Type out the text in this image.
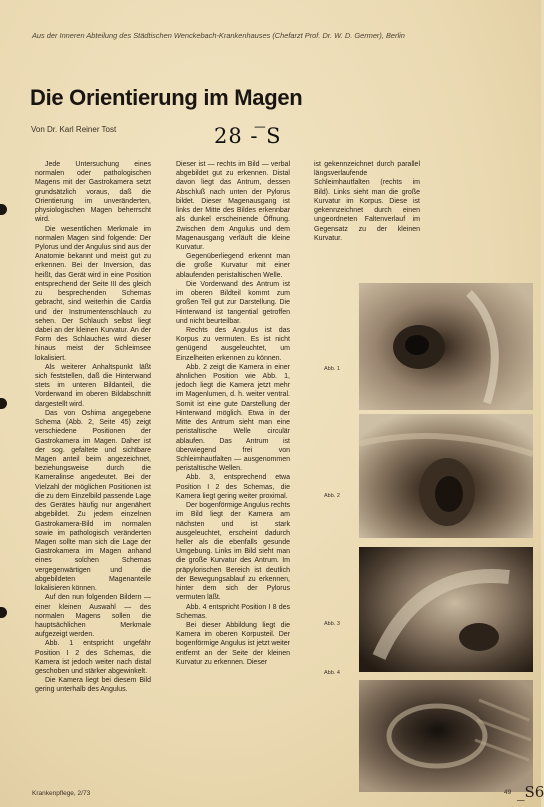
Aus der Inneren Abteilung des Städtischen Wenckebach-Krankenhauses (Chefarzt Prof. Dr. W. D. Germer), Berlin
Die Orientierung im Magen
Von Dr. Karl Reiner Tost	28 - ̅S

Jede Untersuchung eines normalen oder pathologischen Magens mit der Gastrokamera setzt grundsätzlich voraus, daß die Orientierung im unveränderten, physiologischen Magen beherrscht wird.

Die wesentlichen Merkmale im normalen Magen sind folgende: Der Pylorus und der Angulus sind aus der Anatomie bekannt und meist gut zu erkennen. Bei der Inversion, das heißt, das Gerät wird in eine Position entsprechend der Seite III des gleich zu besprechenden Schemas gebracht, sind weiterhin die Cardia und der Instrumentenschlauch zu sehen. Der Schlauch selbst liegt dabei an der kleinen Kurvatur. An der Form des Schlauches wird dieser hinaus meist der Schleimsee lokalisiert.

Als weiterer Anhaltspunkt läßt sich feststellen, daß die Hinterwand stets im unteren Bildanteil, die Vorderwand im oberen Bildabschnitt dargestellt wird.

Das von Oshima angegebene Schema (Abb. 2, Seite 45) zeigt verschiedene Positionen der Gastrokamera im Magen. Daher ist der sog. gefaltete und sichtbare Magen anteil beim angezeichnet, beziehungsweise durch die Kameralinse angedeutet. Bei der Vielzahl der möglichen Positionen ist die zu dem Einzelbild passende Lage des Gerätes häufig nur angenähert abgebildet. Zu jedem einzelnen Gastrokamera-Bild im normalen sowie im pathologisch veränderten Magen sollte man sich die Lage der Gastrokamera im Magen anhand eines solchen Schemas vergegenwärtigen und die abgebildeten Magenanteile lokalisieren können.

Auf den nun folgenden Bildern — einer kleinen Auswahl — des normalen Magens sollen die hauptsächlichen Merkmale aufgezeigt werden.

Abb. 1 entspricht ungefähr Position I 2 des Schemas, die Kamera ist jedoch weiter nach distal geschoben und stärker abgewinkelt.

Die Kamera liegt bei diesem Bild gering unterhalb des Angulus.

Dieser ist — rechts im Bild — verbal abgebildet gut zu erkennen. Distal davon liegt das Antrum, dessen Abschluß nach unten der Pylorus bildet. Dieser Magenausgang ist links der Mitte des Bildes erkennbar als dunkel erscheinende Öffnung. Zwischen dem Angulus und dem Magenausgang verläuft die kleine Kurvatur.

Gegenüberliegend erkennt man die große Kurvatur mit einer ablaufenden peristaltischen Welle.

Die Vorderwand des Antrum ist im oberen Bildteil kommt zum großen Teil gut zur Darstellung. Die Hinterwand ist tangential getroffen und nicht beurteilbar.

Rechts des Angulus ist das Korpus zu vermuten. Es ist nicht genügend ausgeleuchtet, um Einzelheiten erkennen zu können.

Abb. 2 zeigt die Kamera in einer ähnlichen Position wie Abb. 1, jedoch liegt die Kamera jetzt mehr im Magenlumen, d. h. weiter ventral. Somit ist eine gute Darstellung der Hinterwand möglich. Etwa in der Mitte des Antrum sieht man eine peristaltische Welle circulär ablaufen. Das Antrum ist überwiegend frei von Schleimhautfalten — ausgenommen peristaltische Wellen.

Abb. 3, entsprechend etwa Position I 2 des Schemas, die Kamera liegt gering weiter proximal.

Der bogenförmige Angulus rechts im Bild liegt der Kamera am nächsten und ist stark ausgeleuchtet, erscheint dadurch heller als die ebenfalls gesunde Umgebung. Links im Bild sieht man die große Kurvatur des Antrum. Im präpylorischen Bereich ist deutlich der Bewegungsablauf zu erkennen, hinter dem sich der Pylorus vermuten läßt.

Abb. 4 entspricht Position I 8 des Schemas.

Bei dieser Abbildung liegt die Kamera im oberen Korpusteil. Der bogenförmige Angulus ist jetzt weiter entfernt an der Seite der kleinen Kurvatur zu erkennen. Dieser

ist gekennzeichnet durch parallel längsverlaufende Schleimhautfalten (rechts im Bild). Links sieht man die große Kurvatur im Korpus. Diese ist gekennzeichnet durch einen ungeordneten Faltenverlauf im Gegensatz zu der kleinen Kurvatur.

Abb. 1
Abb. 2
Abb. 3
Abb. 4
Krankenpflege, 2/73	49 _S6
